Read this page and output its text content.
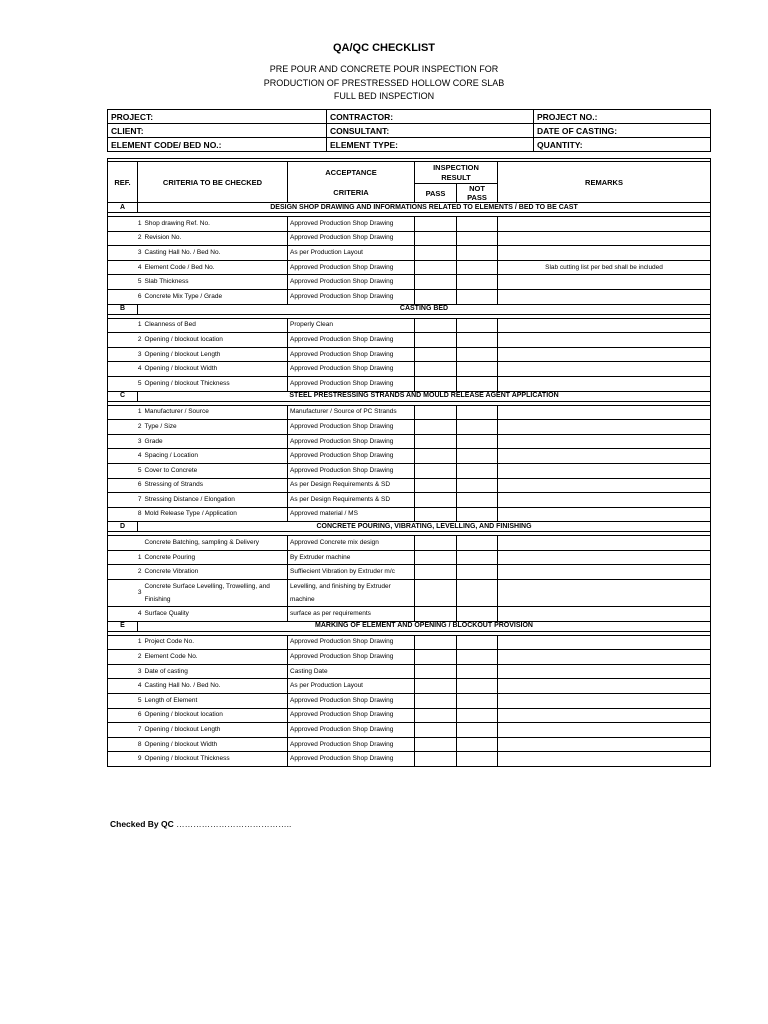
QA/QC CHECKLIST
PRE POUR AND CONCRETE POUR INSPECTION FOR
PRODUCTION OF PRESTRESSED HOLLOW CORE SLAB
FULL BED INSPECTION
PROJECT:	CONTRACTOR:	PROJECT NO.:
CLIENT:	CONSULTANT:	DATE OF CASTING:
ELEMENT CODE/ BED NO.:	ELEMENT TYPE:	QUANTITY:

REF.	CRITERIA TO BE CHECKED		ACCEPTANCE	INSPECTION		REMARKS
				RESULT		
			CRITERIA	PASS	NOT PASS	
A	DESIGN SHOP DRAWING AND INFORMATIONS RELATED TO ELEMENTS / BED TO BE CAST					

1		Shop drawing Ref. No.	Approved Production Shop Drawing			
2		Revision No.	Approved Production Shop Drawing			
3		Casting Hall No. / Bed No.	As per Production Layout			
4		Element Code / Bed No.	Approved Production Shop Drawing			Slab cutting list per bed shall be included
5		Slab Thickness	Approved Production Shop Drawing			
6		Concrete Mix Type / Grade	Approved Production Shop Drawing			
B	CASTING BED					

1		Cleanness of Bed	Properly Clean			
2		Opening / blockout location	Approved Production Shop Drawing			
3		Opening / blockout Length	Approved Production Shop Drawing			
4		Opening / blockout Width	Approved Production Shop Drawing			
5		Opening / blockout Thickness	Approved Production Shop Drawing			
C	STEEL PRESTRESSING STRANDS AND MOULD RELEASE AGENT APPLICATION					

1		Manufacturer / Source	Manufacturer / Source of PC Strands			
2		Type / Size	Approved Production Shop Drawing			
3		Grade	Approved Production Shop Drawing			
4		Spacing / Location	Approved Production Shop Drawing			
5		Cover to Concrete	Approved Production Shop Drawing			
6		Stressing of Strands	As per Design Requirements & SD			
7		Stressing Distance / Elongation	As per Design Requirements & SD			
8		Mold Release Type / Application	Approved material / MS			
D	CONCRETE POURING, VIBRATING, LEVELLING, AND FINISHING					

		Concrete Batching, sampling & Delivery	Approved Concrete mix design			
1		Concrete Pouring	By Extruder machine			
2		Concrete Vibration	Suffiecient Vibration by Extruder m/c			
3		Concrete Surface Levelling, Trowelling, and Finishing	Levelling, and finishing by Extruder machine			
4		Surface Quality	surface as per requirements			
E	MARKING OF ELEMENT AND OPENING / BLOCKOUT PROVISION					

1		Project Code No.	Approved Production Shop Drawing			
2		Element Code No.	Approved Production Shop Drawing			
3		Date of casting	Casting Date			
4		Casting Hall No. / Bed No.	As per Production Layout			
5		Length of Element	Approved Production Shop Drawing			
6		Opening / blockout location	Approved Production Shop Drawing			
7		Opening / blockout Length	Approved Production Shop Drawing			
8		Opening / blockout Width	Approved Production Shop Drawing			
9		Opening / blockout Thickness	Approved Production Shop Drawing			
Checked By QC …………………………………..
